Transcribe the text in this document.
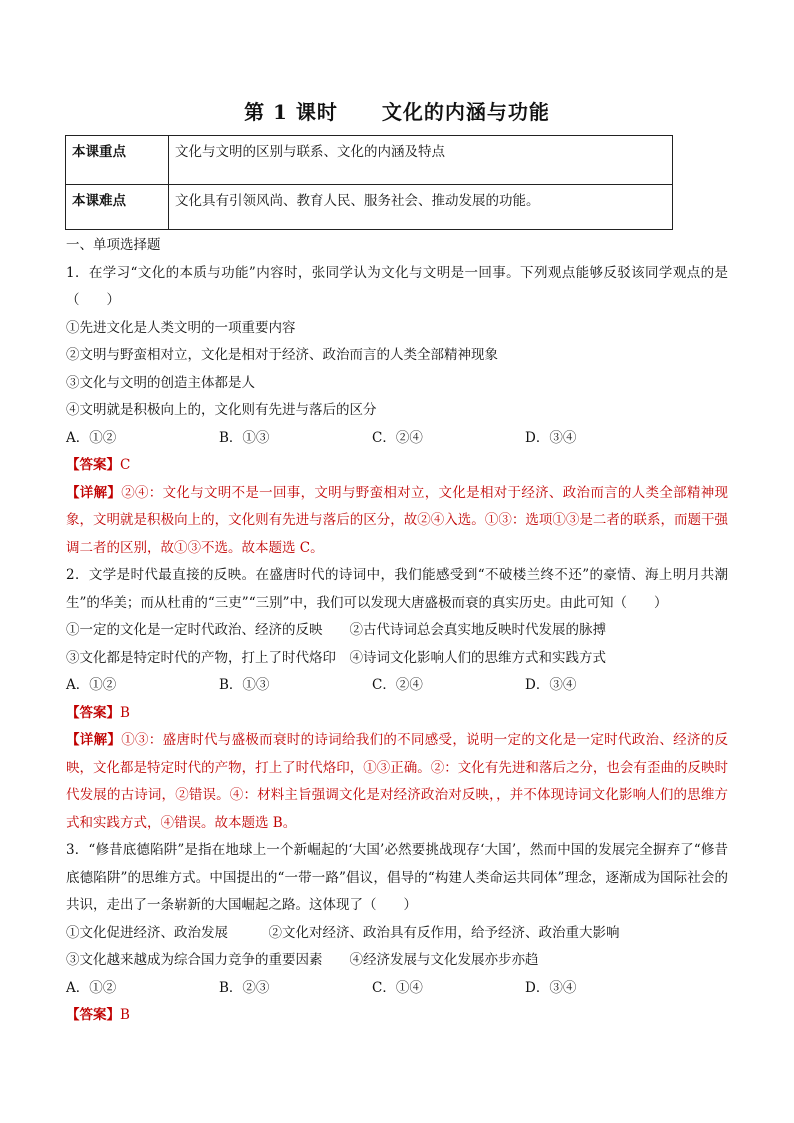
第 1 课时 文化的内涵与功能
本课重点	文化与文明的区别与联系、文化的内涵及特点
本课难点	文化具有引领风尚、教育人民、服务社会、推动发展的功能。

一、单项选择题

1．在学习“文化的本质与功能”内容时，张同学认为文化与文明是一回事。下列观点能够反驳该同学观点的是（　　）

①先进文化是人类文明的一项重要内容

②文明与野蛮相对立，文化是相对于经济、政治而言的人类全部精神现象

③文化与文明的创造主体都是人

④文明就是积极向上的，文化则有先进与落后的区分

A．①②	B．①③	C．②④	D．③④

【答案】C

【详解】②④：文化与文明不是一回事，文明与野蛮相对立，文化是相对于经济、政治而言的人类全部精神现象，文明就是积极向上的，文化则有先进与落后的区分，故②④入选。①③：选项①③是二者的联系，而题干强调二者的区别，故①③不选。故本题选 C。

2．文学是时代最直接的反映。在盛唐时代的诗词中，我们能感受到“不破楼兰终不还”的豪情、海上明月共潮生”的华美；而从杜甫的“三吏”“三别”中，我们可以发现大唐盛极而衰的真实历史。由此可知（　　）

①一定的文化是一定时代政治、经济的反映　　 ②古代诗词总会真实地反映时代发展的脉搏

③文化都是特定时代的产物，打上了时代烙印　 ④诗词文化影响人们的思维方式和实践方式

A．①②	B．①③	C．②④	D．③④

【答案】B

【详解】①③：盛唐时代与盛极而衰时的诗词给我们的不同感受，说明一定的文化是一定时代政治、经济的反映，文化都是特定时代的产物，打上了时代烙印，①③正确。②：文化有先进和落后之分，也会有歪曲的反映时代发展的古诗词，②错误。④：材料主旨强调文化是对经济政治对反映，，并不体现诗词文化影响人们的思维方式和实践方式，④错误。故本题选 B。

3．“修昔底德陷阱”是指在地球上一个新崛起的‘大国’必然要挑战现存‘大国’，然而中国的发展完全摒弃了“修昔底德陷阱”的思维方式。中国提出的“一带一路”倡议，倡导的“构建人类命运共同体”理念，逐渐成为国际社会的共识，走出了一条崭新的大国崛起之路。这体现了（　　）

①文化促进经济、政治发展　　　	②文化对经济、政治具有反作用，给予经济、政治重大影响

③文化越来越成为综合国力竞争的重要因素　　 ④经济发展与文化发展亦步亦趋

A．①②	B．②③	C．①④	D．③④

【答案】B
